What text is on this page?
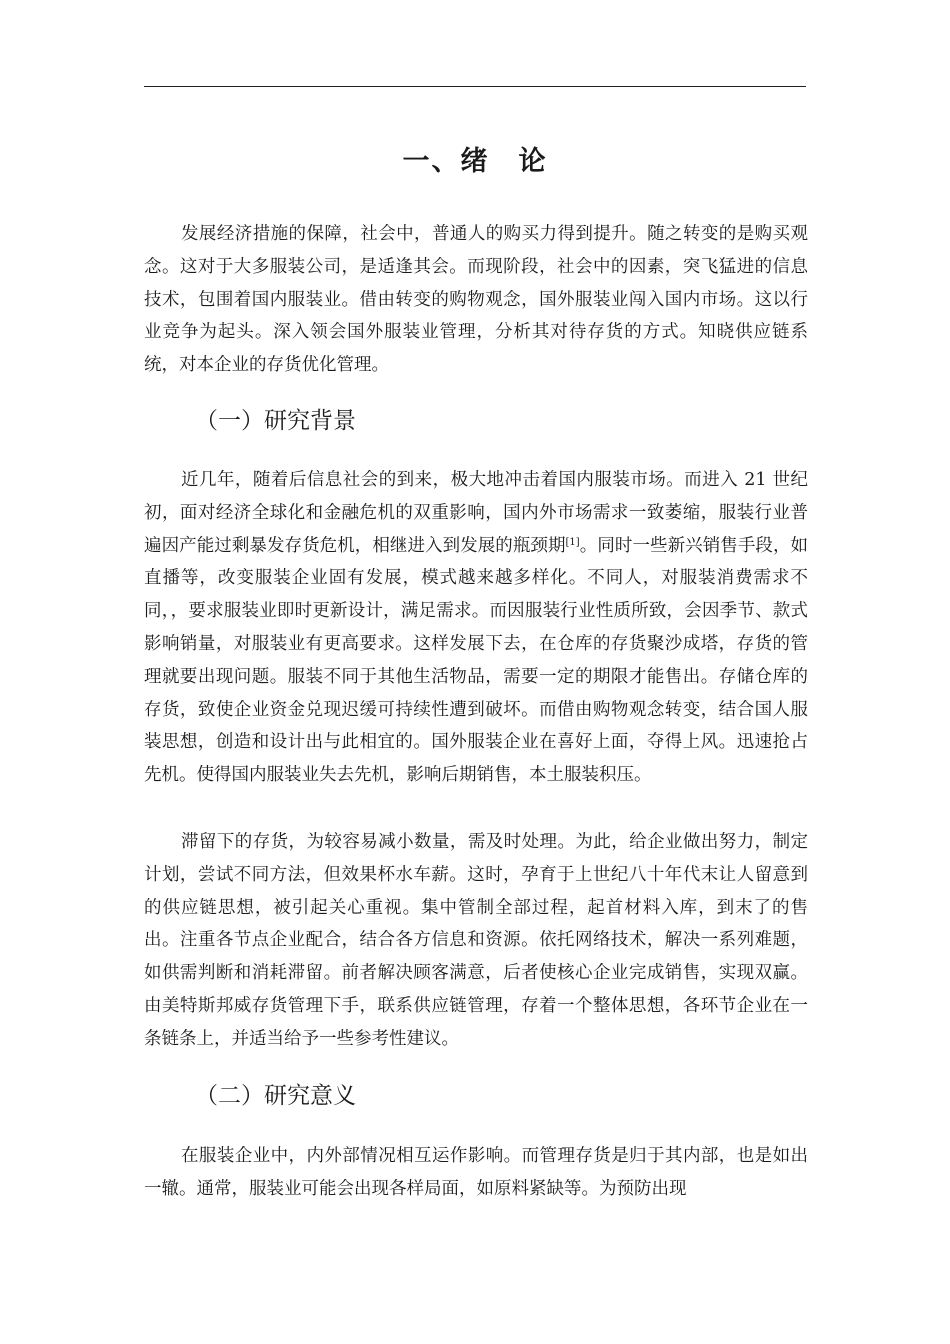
一、绪　论

发展经济措施的保障，社会中，普通人的购买力得到提升。随之转变的是购买观念。这对于大多服装公司，是适逢其会。而现阶段，社会中的因素，突飞猛进的信息技术，包围着国内服装业。借由转变的购物观念，国外服装业闯入国内市场。这以行业竞争为起头。深入领会国外服装业管理，分析其对待存货的方式。知晓供应链系统，对本企业的存货优化管理。

（一）研究背景

近几年，随着后信息社会的到来，极大地冲击着国内服装市场。而进入 21 世纪初，面对经济全球化和金融危机的双重影响，国内外市场需求一致萎缩，服装行业普遍因产能过剩暴发存货危机，相继进入到发展的瓶颈期[1]。同时一些新兴销售手段，如直播等，改变服装企业固有发展，模式越来越多样化。不同人，对服装消费需求不同，，要求服装业即时更新设计，满足需求。而因服装行业性质所致，会因季节、款式影响销量，对服装业有更高要求。这样发展下去，在仓库的存货聚沙成塔，存货的管理就要出现问题。服装不同于其他生活物品，需要一定的期限才能售出。存储仓库的存货，致使企业资金兑现迟缓可持续性遭到破坏。而借由购物观念转变，结合国人服装思想，创造和设计出与此相宜的。国外服装企业在喜好上面，夺得上风。迅速抢占先机。使得国内服装业失去先机，影响后期销售，本土服装积压。

滞留下的存货，为较容易减小数量，需及时处理。为此，给企业做出努力，制定计划，尝试不同方法，但效果杯水车薪。这时，孕育于上世纪八十年代末让人留意到的供应链思想，被引起关心重视。集中管制全部过程，起首材料入库，到末了的售出。注重各节点企业配合，结合各方信息和资源。依托网络技术，解决一系列难题，如供需判断和消耗滞留。前者解决顾客满意，后者使核心企业完成销售，实现双赢。由美特斯邦威存货管理下手，联系供应链管理，存着一个整体思想，各环节企业在一条链条上，并适当给予一些参考性建议。

（二）研究意义

在服装企业中，内外部情况相互运作影响。而管理存货是归于其内部，也是如出一辙。通常，服装业可能会出现各样局面，如原料紧缺等。为预防出现
